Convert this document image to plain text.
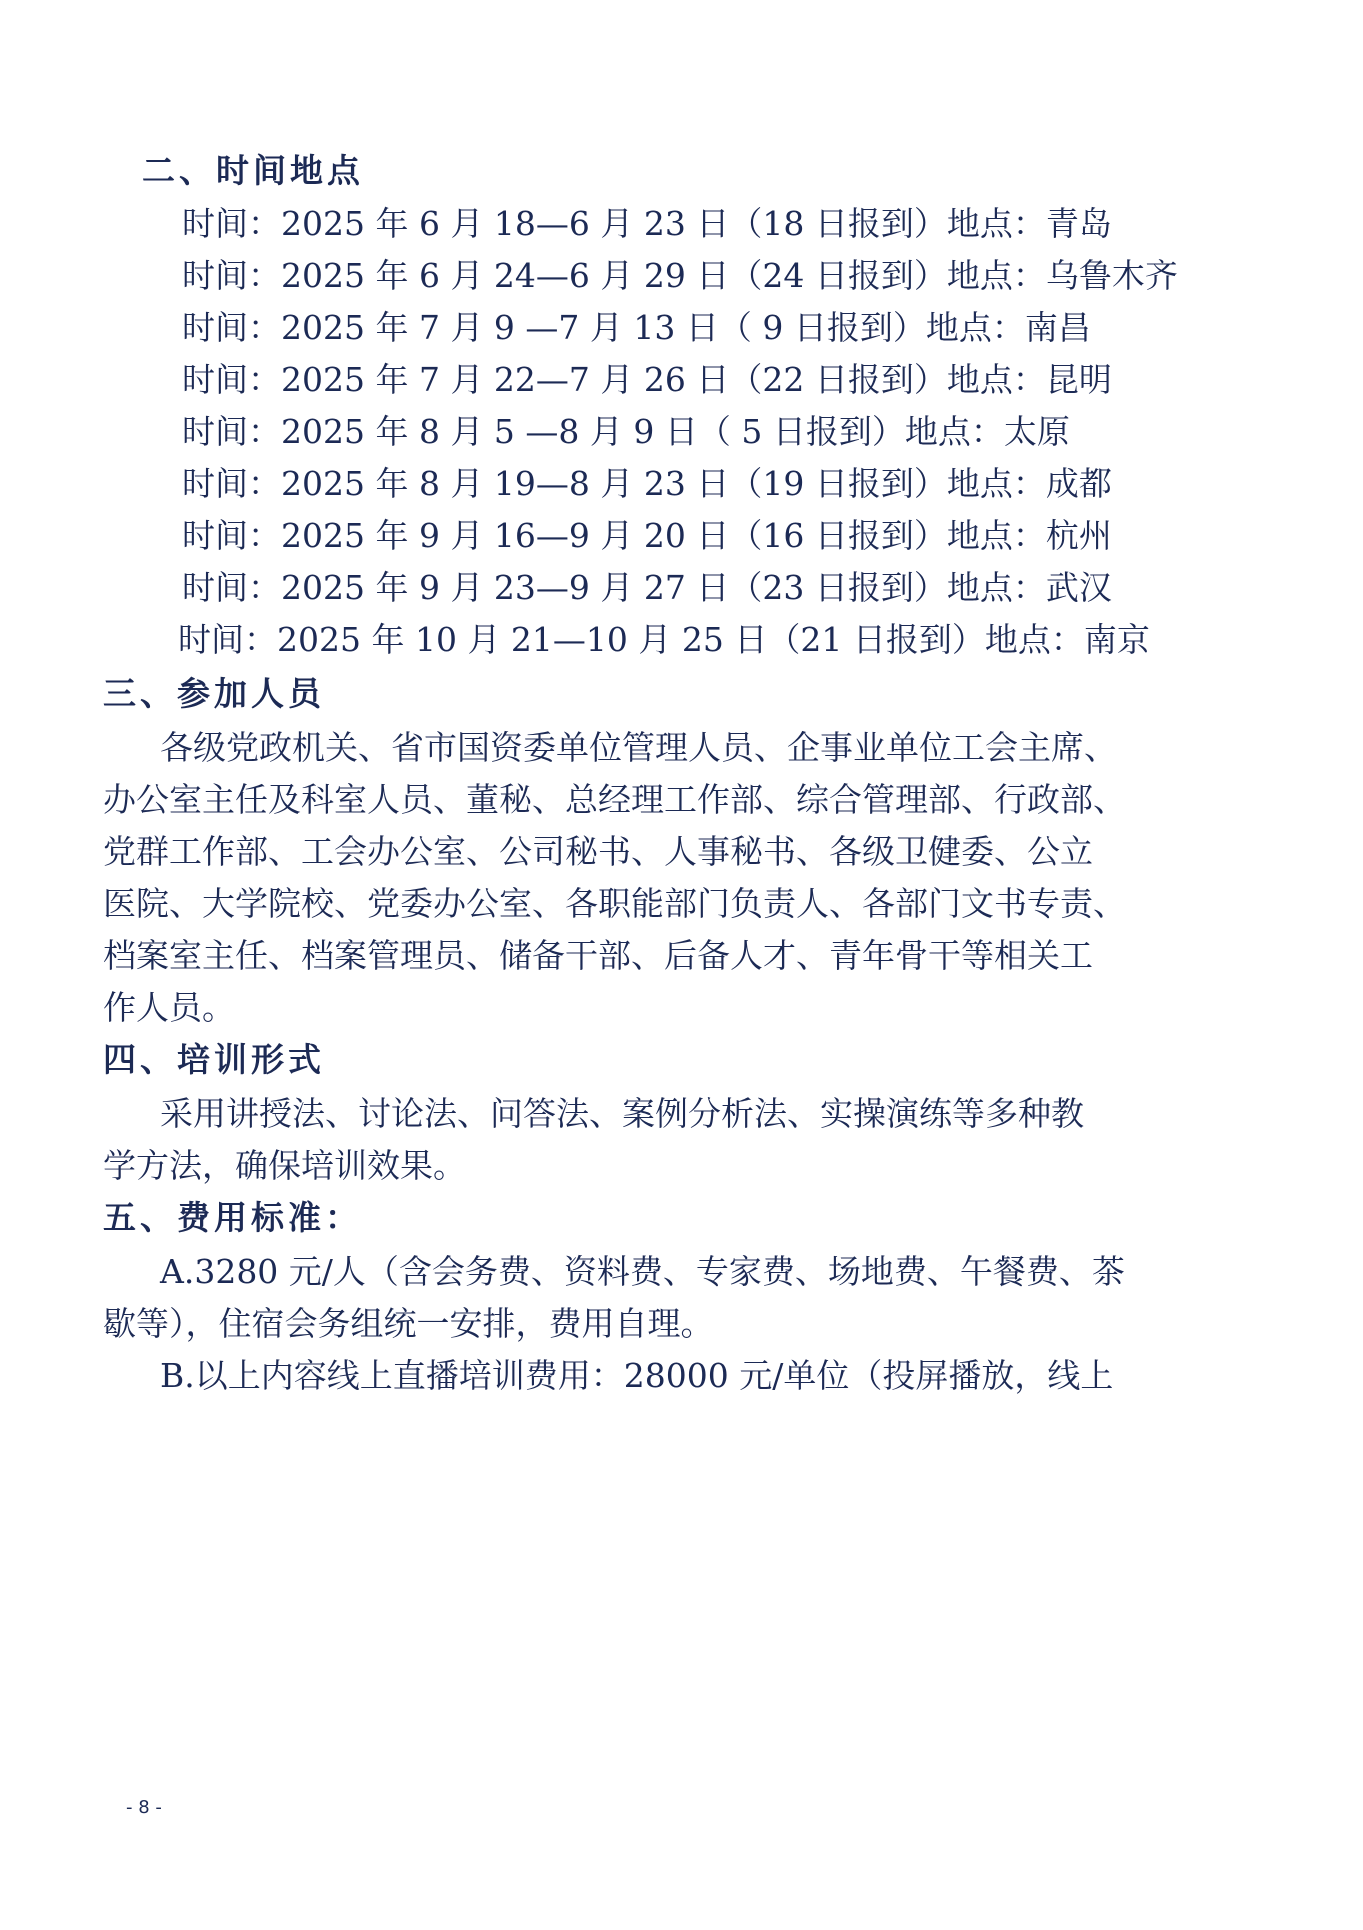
二、时间地点
时间：2025 年 6 月 18—6 月 23 日（18 日报到）地点：青岛
时间：2025 年 6 月 24—6 月 29 日（24 日报到）地点：乌鲁木齐
时间：2025 年 7 月 9 —7 月 13 日（ 9 日报到）地点：南昌
时间：2025 年 7 月 22—7 月 26 日（22 日报到）地点：昆明
时间：2025 年 8 月 5 —8 月 9 日（ 5 日报到）地点：太原
时间：2025 年 8 月 19—8 月 23 日（19 日报到）地点：成都
时间：2025 年 9 月 16—9 月 20 日（16 日报到）地点：杭州
时间：2025 年 9 月 23—9 月 27 日（23 日报到）地点：武汉
时间：2025 年 10 月 21—10 月 25 日（21 日报到）地点：南京
三、参加人员
各级党政机关、省市国资委单位管理人员、企事业单位工会主席、
办公室主任及科室人员、董秘、总经理工作部、综合管理部、行政部、
党群工作部、工会办公室、公司秘书、人事秘书、各级卫健委、公立
医院、大学院校、党委办公室、各职能部门负责人、各部门文书专责、
档案室主任、档案管理员、储备干部、后备人才、青年骨干等相关工
作人员。
四、培训形式
采用讲授法、讨论法、问答法、案例分析法、实操演练等多种教
学方法，确保培训效果。
五、费用标准：
A.3280 元/人（含会务费、资料费、专家费、场地费、午餐费、茶
歇等），住宿会务组统一安排，费用自理。
B.以上内容线上直播培训费用：28000 元/单位（投屏播放，线上
- 8 -
